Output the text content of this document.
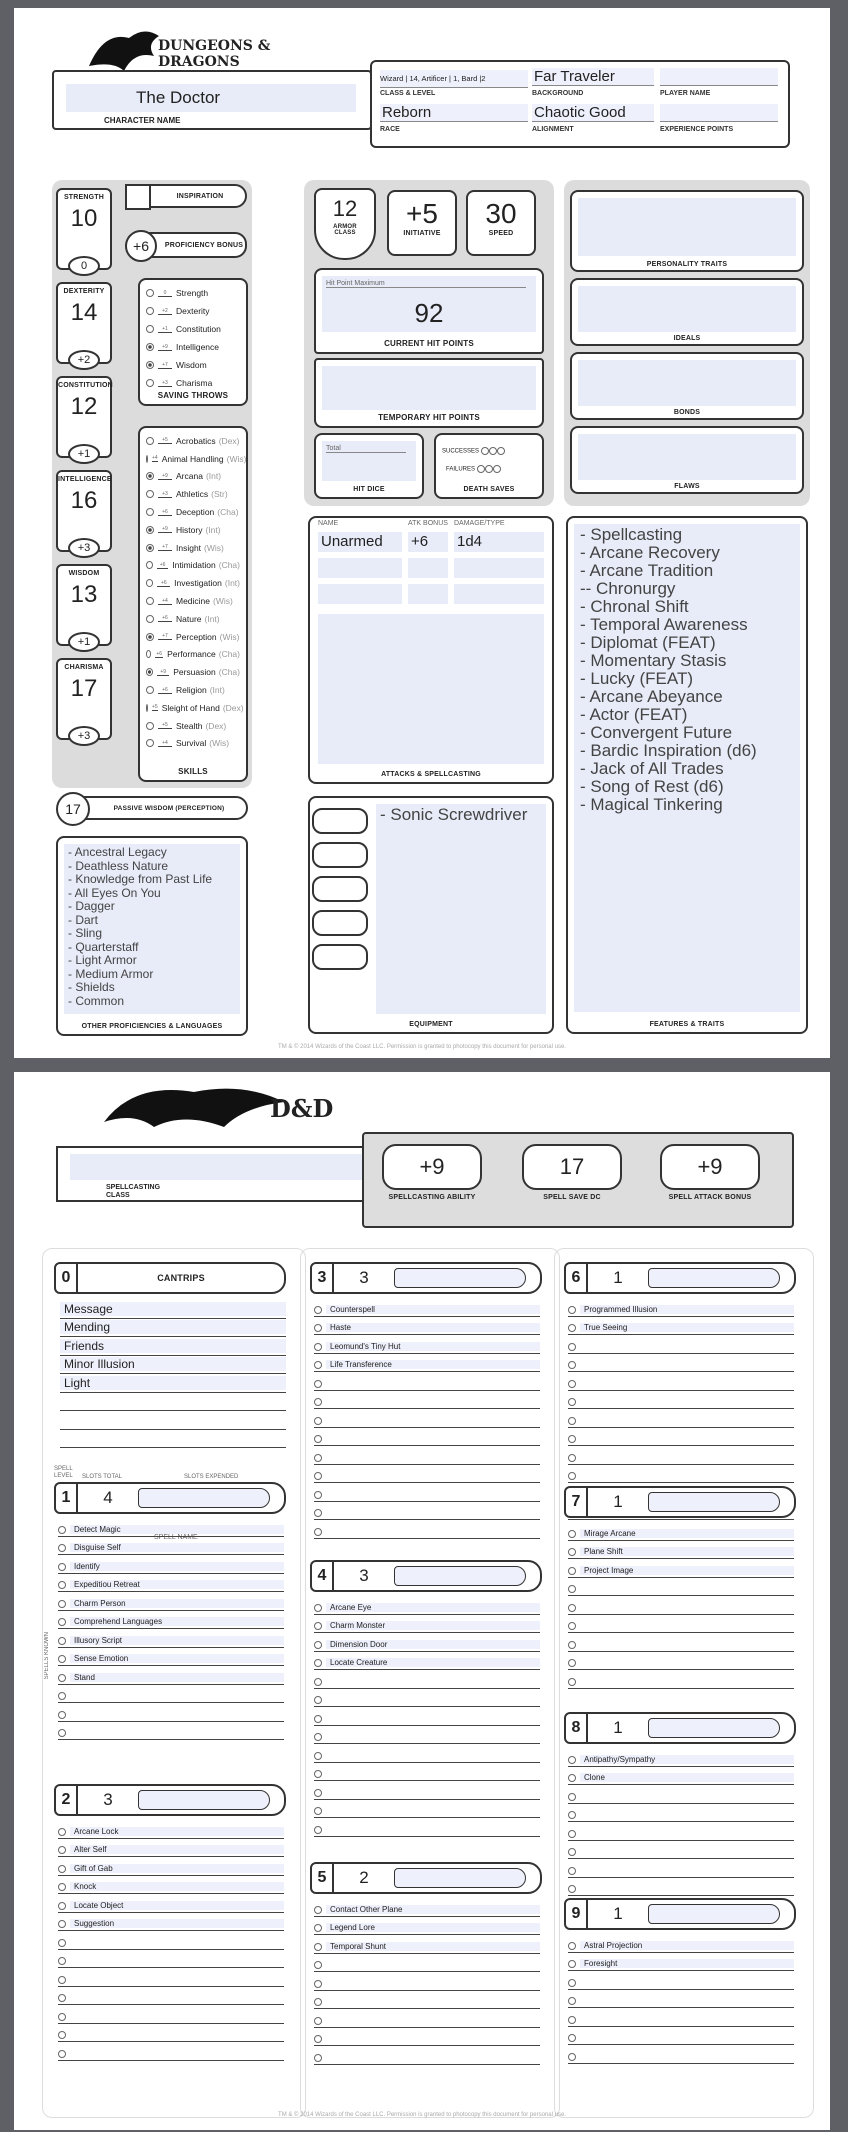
DUNGEONS & DRAGONS
The Doctor
CHARACTER NAME
Wizard | 14, Artificer | 1, Bard |2
CLASS & LEVEL
Far Traveler
BACKGROUND	PLAYER NAME
Reborn
RACE
Chaotic Good
ALIGNMENT	EXPERIENCE POINTS
STRENGTH
10
0
DEXTERITY
14
+2
CONSTITUTION
12
+1
INTELLIGENCE
16
+3
WISDOM
13
+1
CHARISMA
17
+3
INSPIRATION
+6	PROFICIENCY BONUS
0	Strength
+2 Dexterity
+1 Constitution
+9 Intelligence
+7 Wisdom
+3 Charisma
SAVING THROWS
+5 Acrobatics (Dex)
+4 Animal Handling (Wis)
+9 Arcana (Int)
+3 Athletics (Str)
+6 Deception (Cha)
+9 History (Int)
+7 Insight (Wis)
+6 Intimidation (Cha)
+6 Investigation (Int)
+4 Medicine (Wis)
+6 Nature (Int)
+7 Perception (Wis)
+6 Performance (Cha)
+9 Persuasion (Cha)
+6 Religion (Int)
+5 Sleight of Hand (Dex)
+5 Stealth (Dex)
+4 Survival (Wis)
SKILLS
17	PASSIVE WISDOM (PERCEPTION)
- Ancestral Legacy
- Deathless Nature
- Knowledge from Past Life
- All Eyes On You
- Dagger
- Dart
- Sling
- Quarterstaff
- Light Armor
- Medium Armor
- Shields
- Common
OTHER PROFICIENCIES & LANGUAGES
12
ARMOR CLASS
+5
INITIATIVE
30
SPEED
Hit Point Maximum
92
CURRENT HIT POINTS
TEMPORARY HIT POINTS
Total
HIT DICE
SUCCESSES
FAILURES
DEATH SAVES
NAME	ATK BONUS DAMAGE/TYPE
Unarmed	+6	1d4
ATTACKS & SPELLCASTING
- Sonic Screwdriver
EQUIPMENT
PERSONALITY TRAITS
IDEALS
BONDS
FLAWS
- Spellcasting
- Arcane Recovery
- Arcane Tradition
-- Chronurgy
- Chronal Shift
- Temporal Awareness
- Diplomat (FEAT)
- Momentary Stasis
- Lucky (FEAT)
- Arcane Abeyance
- Actor (FEAT)
- Convergent Future
- Bardic Inspiration (d6)
- Jack of All Trades
- Song of Rest (d6)
- Magical Tinkering
FEATURES & TRAITS
TM & © 2014 Wizards of the Coast LLC. Permission is granted to photocopy this document for personal use.
D&D
SPELLCASTING CLASS
+9
SPELLCASTING ABILITY
17
SPELL SAVE DC
+9
SPELL ATTACK BONUS
0	CANTRIPS
Message
Mending
Friends
Minor Illusion
Light
SPELL LEVEL	SLOTS TOTAL	SLOTS EXPENDED
SPELL NAME
SPELLS KNOWN
1	4
Detect Magic
Disguise Self
Identify
Expeditiou Retreat
Charm Person
Comprehend Languages
Illusory Script
Sense Emotion
Stand
2	3
Arcane Lock
Alter Self
Gift of Gab
Knock
Locate Object
Suggestion
3	3
Counterspell
Haste
Leomund's Tiny Hut
Life Transference
4	3
Arcane Eye
Charm Monster
Dimension Door
Locate Creature
5	2
Contact Other Plane
Legend Lore
Temporal Shunt
6	1
Programmed Illusion
True Seeing
7	1
Mirage Arcane
Plane Shift
Project Image
8	1
Antipathy/Sympathy
Clone
9	1
Astral Projection
Foresight
TM & © 2014 Wizards of the Coast LLC. Permission is granted to photocopy this document for personal use.
